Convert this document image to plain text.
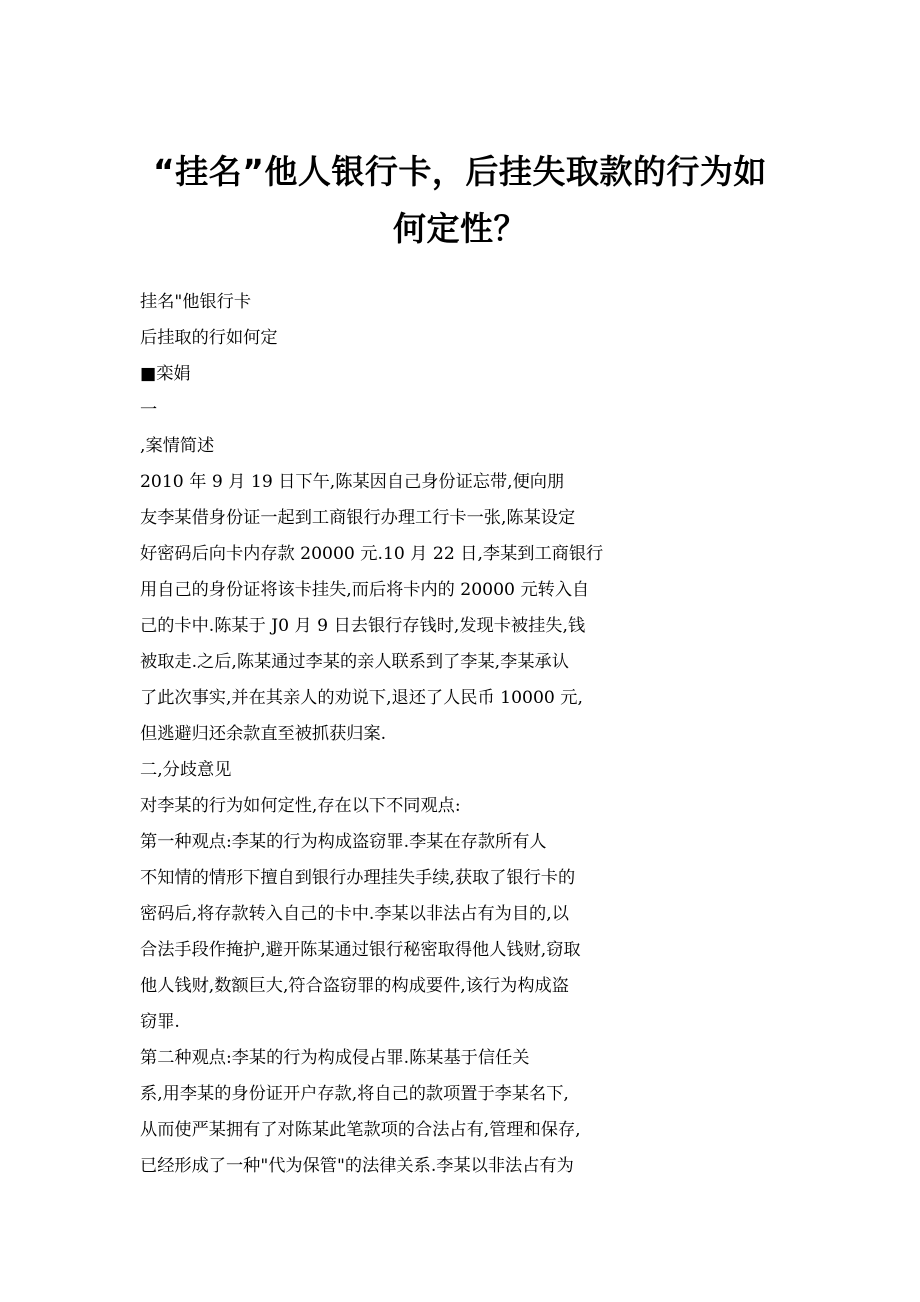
“挂名”他人银行卡，后挂失取款的行为如
何定性？
挂名"他银行卡
后挂取的行如何定
■栾娟
一
,案情简述
2010 年 9 月 19 日下午,陈某因自己身份证忘带,便向朋
友李某借身份证一起到工商银行办理工行卡一张,陈某设定
好密码后向卡内存款 20000 元.10 月 22 日,李某到工商银行
用自己的身份证将该卡挂失,而后将卡内的 20000 元转入自
己的卡中.陈某于 J0 月 9 日去银行存钱时,发现卡被挂失,钱
被取走.之后,陈某通过李某的亲人联系到了李某,李某承认
了此次事实,并在其亲人的劝说下,退还了人民币 10000 元,
但逃避归还余款直至被抓获归案.
二,分歧意见
对李某的行为如何定性,存在以下不同观点:
第一种观点:李某的行为构成盗窃罪.李某在存款所有人
不知情的情形下擅自到银行办理挂失手续,获取了银行卡的
密码后,将存款转入自己的卡中.李某以非法占有为目的,以
合法手段作掩护,避开陈某通过银行秘密取得他人钱财,窃取
他人钱财,数额巨大,符合盗窃罪的构成要件,该行为构成盗
窃罪.
第二种观点:李某的行为构成侵占罪.陈某基于信任关
系,用李某的身份证开户存款,将自己的款项置于李某名下,
从而使严某拥有了对陈某此笔款项的合法占有,管理和保存,
已经形成了一种"代为保管"的法律关系.李某以非法占有为
